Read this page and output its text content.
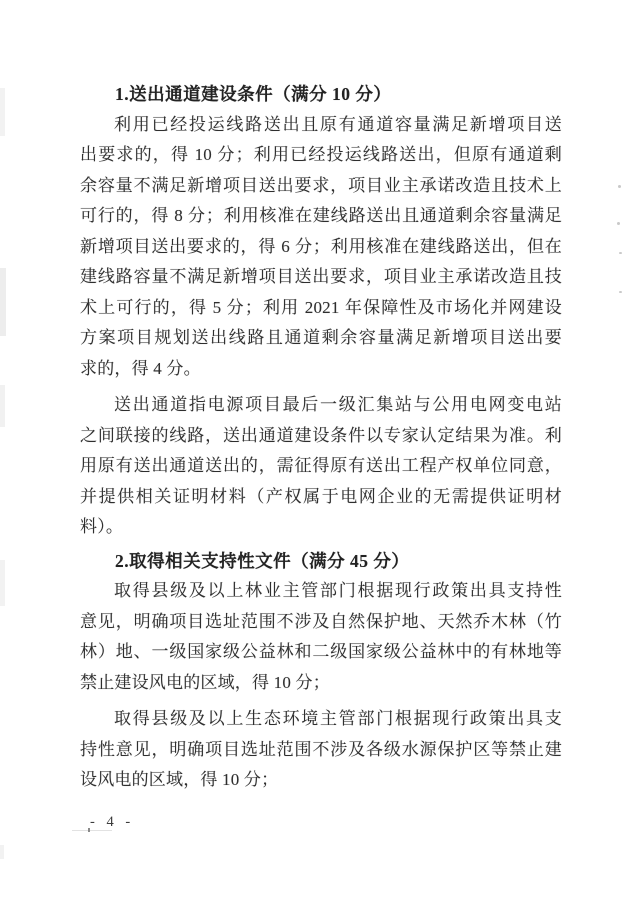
1.送出通道建设条件（满分 10 分）
利用已经投运线路送出且原有通道容量满足新增项目送
出要求的，得 10 分；利用已经投运线路送出，但原有通道剩
余容量不满足新增项目送出要求，项目业主承诺改造且技术上
可行的，得 8 分；利用核准在建线路送出且通道剩余容量满足
新增项目送出要求的，得 6 分；利用核准在建线路送出，但在
建线路容量不满足新增项目送出要求，项目业主承诺改造且技
术上可行的，得 5 分；利用 2021 年保障性及市场化并网建设
方案项目规划送出线路且通道剩余容量满足新增项目送出要
求的，得 4 分。
送出通道指电源项目最后一级汇集站与公用电网变电站
之间联接的线路，送出通道建设条件以专家认定结果为准。利
用原有送出通道送出的，需征得原有送出工程产权单位同意，
并提供相关证明材料（产权属于电网企业的无需提供证明材
料）。
2.取得相关支持性文件（满分 45 分）
取得县级及以上林业主管部门根据现行政策出具支持性
意见，明确项目选址范围不涉及自然保护地、天然乔木林（竹
林）地、一级国家级公益林和二级国家级公益林中的有林地等
禁止建设风电的区域，得 10 分；
取得县级及以上生态环境主管部门根据现行政策出具支
持性意见，明确项目选址范围不涉及各级水源保护区等禁止建
设风电的区域，得 10 分；
- 4 -
